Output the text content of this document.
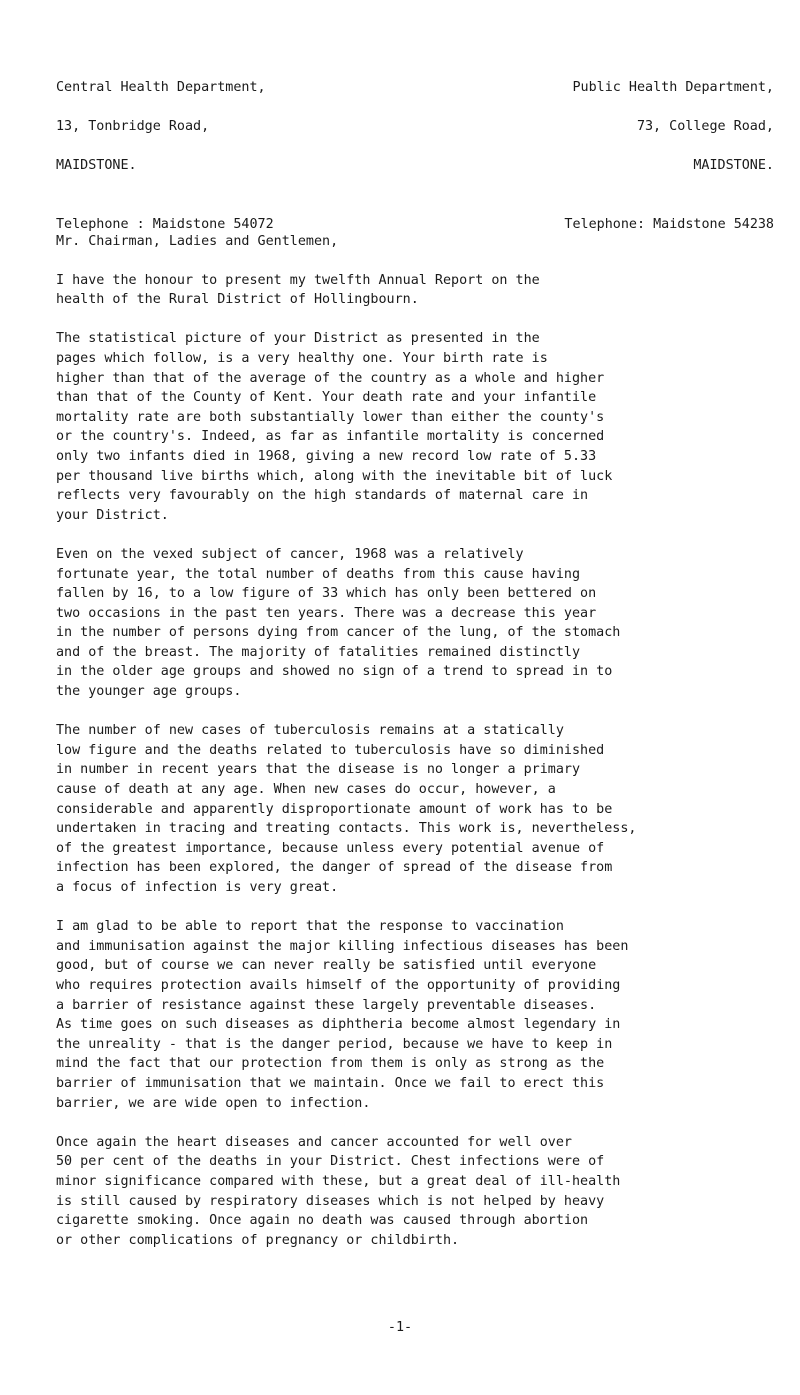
Central Health Department,

13, Tonbridge Road,

MAIDSTONE.

Telephone : Maidstone 54072

Public Health Department,

73, College Road,

MAIDSTONE.

Telephone: Maidstone 54238

Mr. Chairman, Ladies and Gentlemen,
I have the honour to present my twelfth Annual Report on the
health of the Rural District of Hollingbourn.
The statistical picture of your District as presented in the
pages which follow, is a very healthy one. Your birth rate is
higher than that of the average of the country as a whole and higher
than that of the County of Kent. Your death rate and your infantile
mortality rate are both substantially lower than either the county's
or the country's. Indeed, as far as infantile mortality is concerned
only two infants died in 1968, giving a new record low rate of 5.33
per thousand live births which, along with the inevitable bit of luck
reflects very favourably on the high standards of maternal care in
your District.
Even on the vexed subject of cancer, 1968 was a relatively
fortunate year, the total number of deaths from this cause having
fallen by 16, to a low figure of 33 which has only been bettered on
two occasions in the past ten years. There was a decrease this year
in the number of persons dying from cancer of the lung, of the stomach
and of the breast. The majority of fatalities remained distinctly
in the older age groups and showed no sign of a trend to spread in to
the younger age groups.
The number of new cases of tuberculosis remains at a statically
low figure and the deaths related to tuberculosis have so diminished
in number in recent years that the disease is no longer a primary
cause of death at any age. When new cases do occur, however, a
considerable and apparently disproportionate amount of work has to be
undertaken in tracing and treating contacts. This work is, nevertheless,
of the greatest importance, because unless every potential avenue of
infection has been explored, the danger of spread of the disease from
a focus of infection is very great.
I am glad to be able to report that the response to vaccination
and immunisation against the major killing infectious diseases has been
good, but of course we can never really be satisfied until everyone
who requires protection avails himself of the opportunity of providing
a barrier of resistance against these largely preventable diseases.
As time goes on such diseases as diphtheria become almost legendary in
the unreality - that is the danger period, because we have to keep in
mind the fact that our protection from them is only as strong as the
barrier of immunisation that we maintain. Once we fail to erect this
barrier, we are wide open to infection.
Once again the heart diseases and cancer accounted for well over
50 per cent of the deaths in your District. Chest infections were of
minor significance compared with these, but a great deal of ill-health
is still caused by respiratory diseases which is not helped by heavy
cigarette smoking. Once again no death was caused through abortion
or other complications of pregnancy or childbirth.
-1-
